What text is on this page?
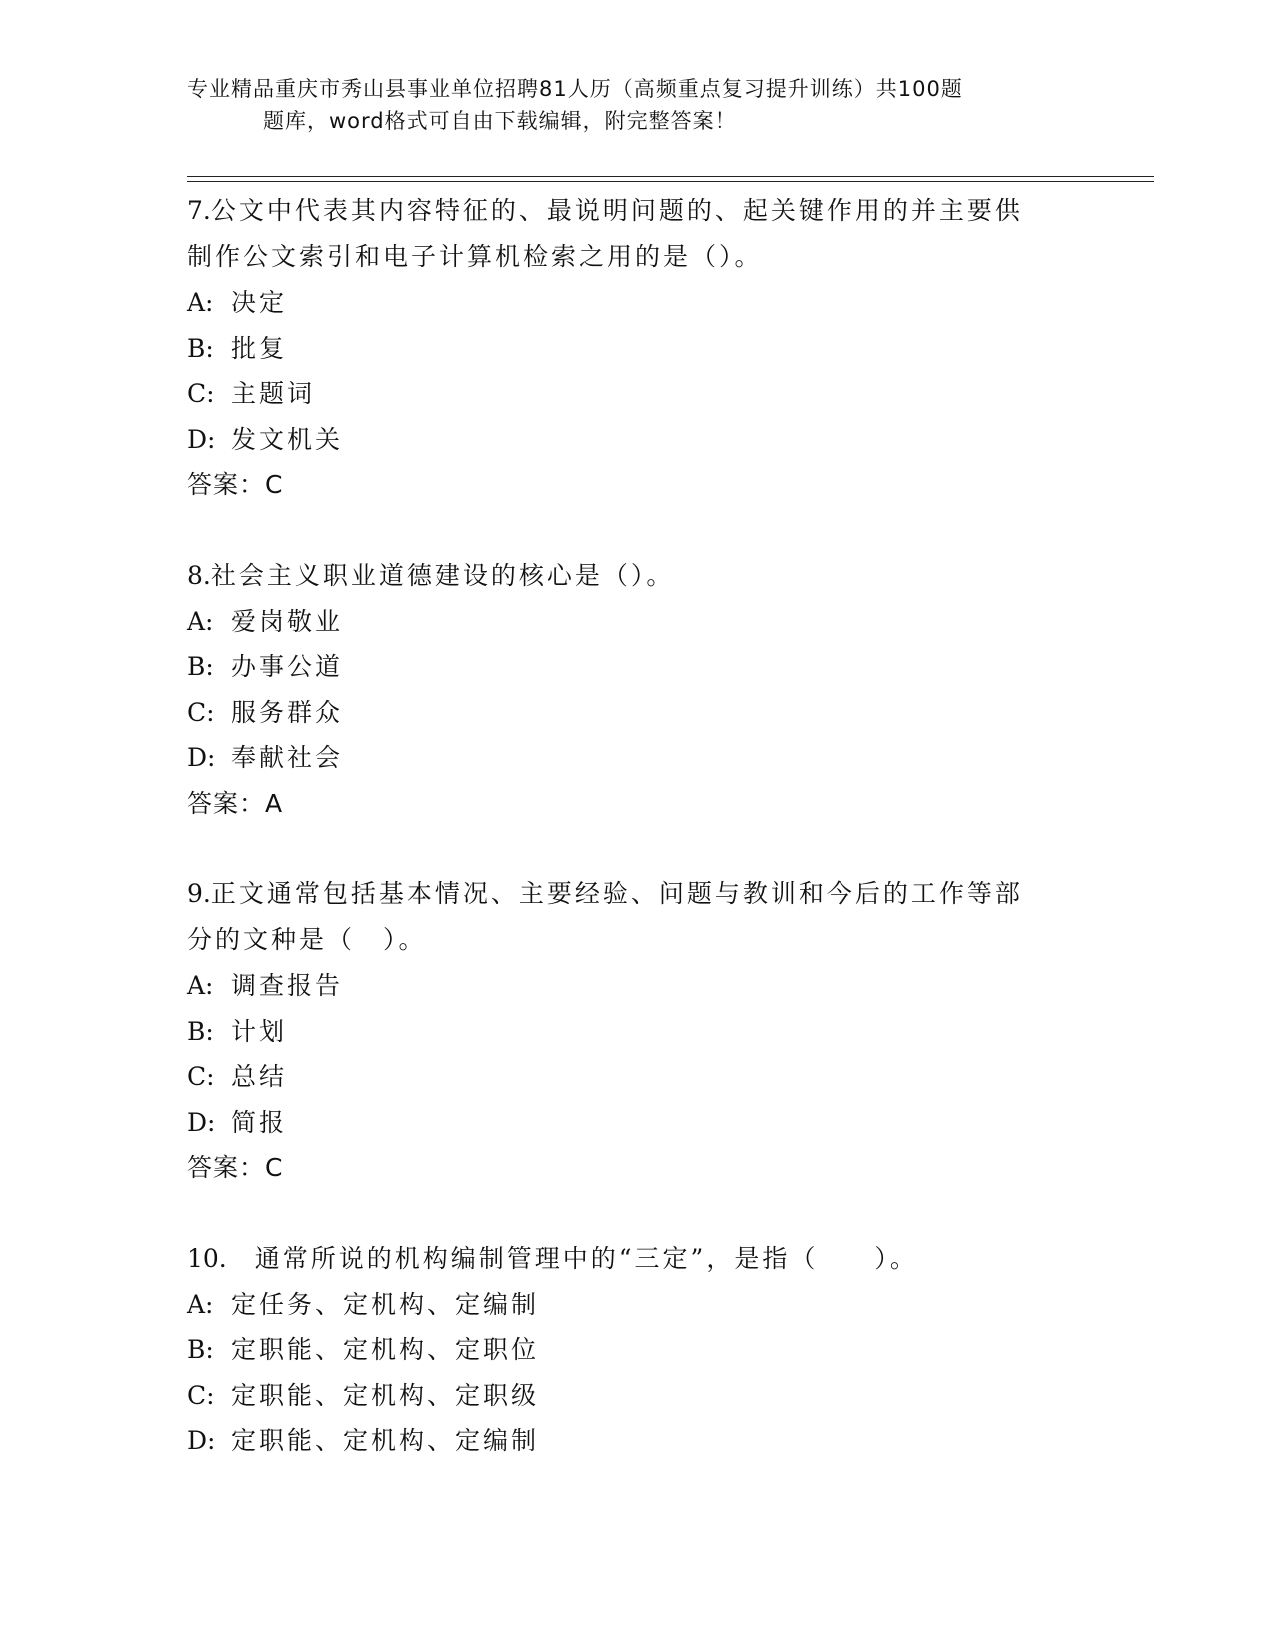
专业精品重庆市秀山县事业单位招聘81人历（高频重点复习提升训练）共100题
题库，word格式可自由下载编辑，附完整答案！

7.公文中代表其内容特征的、最说明问题的、起关键作用的并主要供

制作公文索引和电子计算机检索之用的是（）。

A: 决定

B: 批复

C: 主题词

D: 发文机关

答案：C

8.社会主义职业道德建设的核心是（）。

A: 爱岗敬业

B: 办事公道

C: 服务群众

D: 奉献社会

答案：A

9.正文通常包括基本情况、主要经验、问题与教训和今后的工作等部

分的文种是（　）。

A: 调查报告

B: 计划

C: 总结

D: 简报

答案：C

10.　通常所说的机构编制管理中的“三定”，是指（　　）。

A: 定任务、定机构、定编制

B: 定职能、定机构、定职位

C: 定职能、定机构、定职级

D: 定职能、定机构、定编制
